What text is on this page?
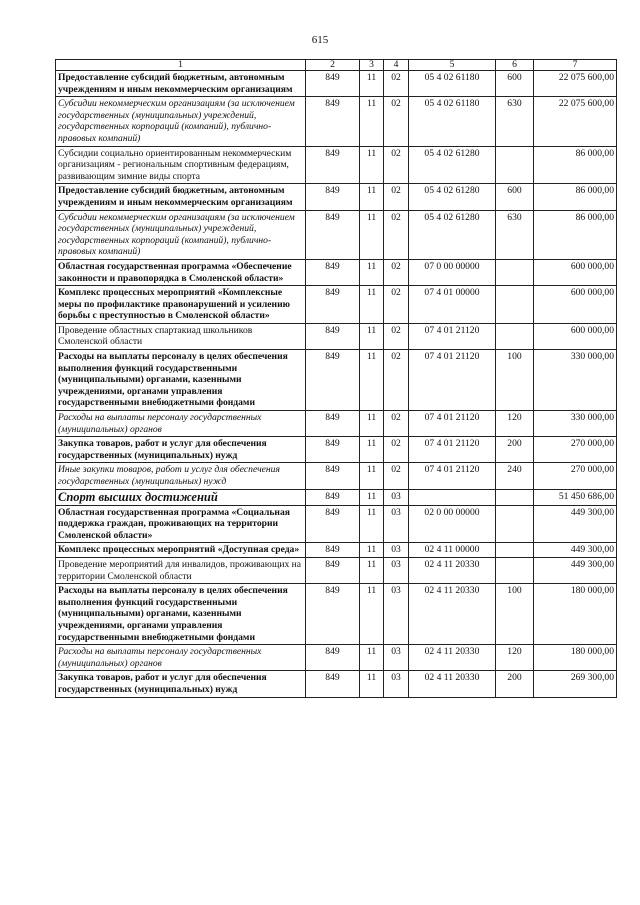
615
1	2	3	4	5	6	7
Предоставление субсидий бюджетным, автономным учреждениям и иным некоммерческим организациям	849	11	02	05 4 02 61180	600	22 075 600,00
Субсидии некоммерческим организациям (за исключением государственных (муниципальных) учреждений, государственных корпораций (компаний), публично-правовых компаний)	849	11	02	05 4 02 61180	630	22 075 600,00
Субсидии социально ориентированным некоммерческим организациям - региональным спортивным федерациям, развивающим зимние виды спорта	849	11	02	05 4 02 61280		86 000,00
Предоставление субсидий бюджетным, автономным учреждениям и иным некоммерческим организациям	849	11	02	05 4 02 61280	600	86 000,00
Субсидии некоммерческим организациям (за исключением государственных (муниципальных) учреждений, государственных корпораций (компаний), публично-правовых компаний)	849	11	02	05 4 02 61280	630	86 000,00
Областная государственная программа «Обеспечение законности и правопорядка в Смоленской области»	849	11	02	07 0 00 00000		600 000,00
Комплекс процессных мероприятий «Комплексные меры по профилактике правонарушений и усилению борьбы с преступностью в Смоленской области»	849	11	02	07 4 01 00000		600 000,00
Проведение областных спартакиад школьников Смоленской области	849	11	02	07 4 01 21120		600 000,00
Расходы на выплаты персоналу в целях обеспечения выполнения функций государственными (муниципальными) органами, казенными учреждениями, органами управления государственными внебюджетными фондами	849	11	02	07 4 01 21120	100	330 000,00
Расходы на выплаты персоналу государственных (муниципальных) органов	849	11	02	07 4 01 21120	120	330 000,00
Закупка товаров, работ и услуг для обеспечения государственных (муниципальных) нужд	849	11	02	07 4 01 21120	200	270 000,00
Иные закупки товаров, работ и услуг для обеспечения государственных (муниципальных) нужд	849	11	02	07 4 01 21120	240	270 000,00
Спорт высших достижений	849	11	03			51 450 686,00
Областная государственная программа «Социальная поддержка граждан, проживающих на территории Смоленской области»	849	11	03	02 0 00 00000		449 300,00
Комплекс процессных мероприятий «Доступная среда»	849	11	03	02 4 11 00000		449 300,00
Проведение мероприятий для инвалидов, проживающих на территории Смоленской области	849	11	03	02 4 11 20330		449 300,00
Расходы на выплаты персоналу в целях обеспечения выполнения функций государственными (муниципальными) органами, казенными учреждениями, органами управления государственными внебюджетными фондами	849	11	03	02 4 11 20330	100	180 000,00
Расходы на выплаты персоналу государственных (муниципальных) органов	849	11	03	02 4 11 20330	120	180 000,00
Закупка товаров, работ и услуг для обеспечения государственных (муниципальных) нужд	849	11	03	02 4 11 20330	200	269 300,00
